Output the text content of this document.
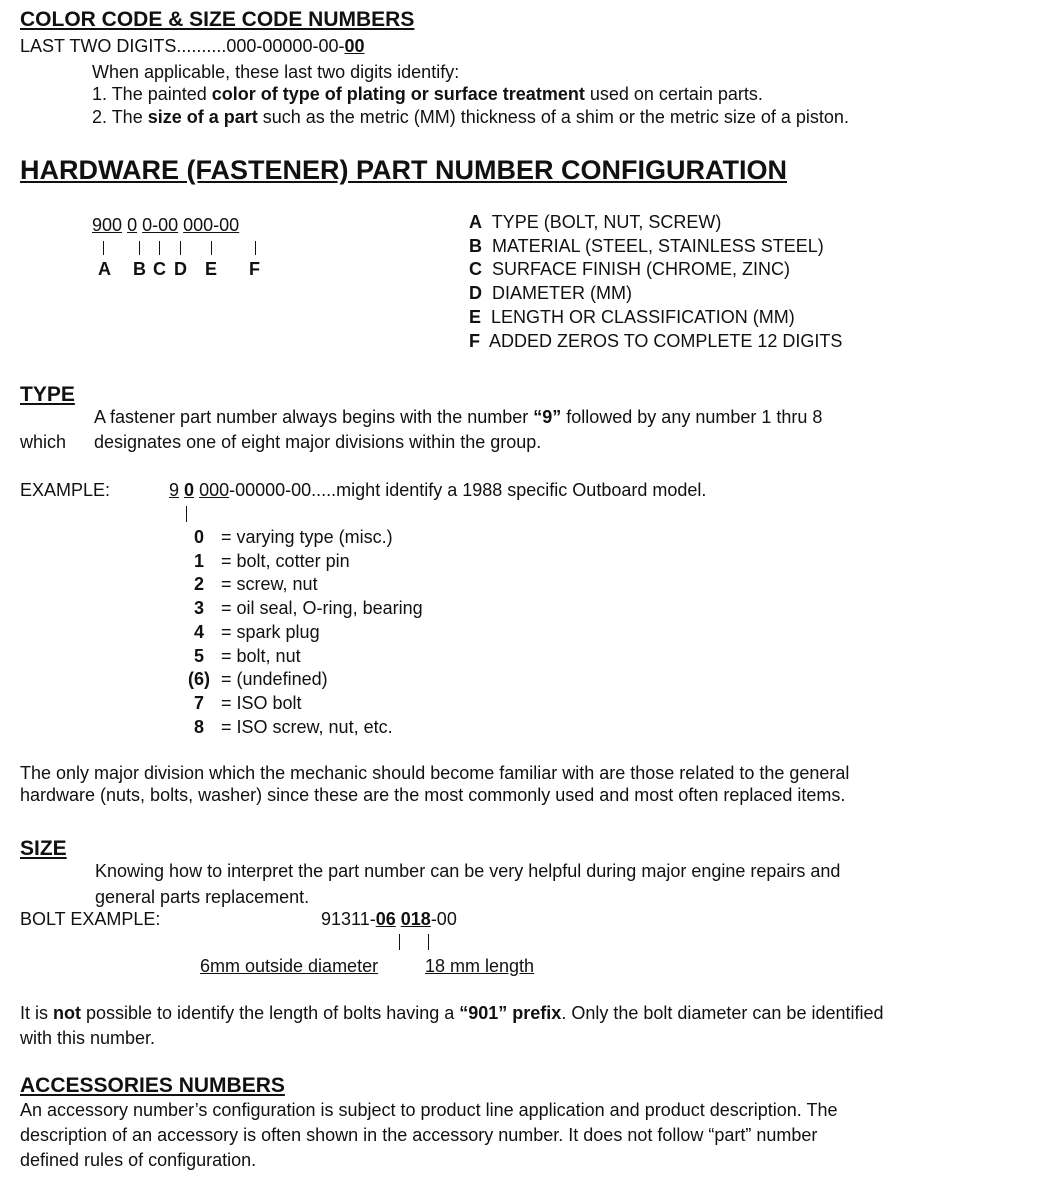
COLOR CODE & SIZE CODE NUMBERS
LAST TWO DIGITS..........000-00000-00-00
When applicable, these last two digits identify:
1. The painted color of type of plating or surface treatment used on certain parts.
2. The size of a part such as the metric (MM) thickness of a shim or the metric size of a piston.
HARDWARE (FASTENER) PART NUMBER CONFIGURATION
900 0 0-00 000-00
A B C D E F
A TYPE (BOLT, NUT, SCREW)
B MATERIAL (STEEL, STAINLESS STEEL)
C SURFACE FINISH (CHROME, ZINC)
D DIAMETER (MM)
E LENGTH OR CLASSIFICATION (MM)
F ADDED ZEROS TO COMPLETE 12 DIGITS
TYPE
A fastener part number always begins with the number “9” followed by any number 1 thru 8
which designates one of eight major divisions within the group.
EXAMPLE:	9 0 000-00000-00.....might identify a 1988 specific Outboard model.
0 = varying type (misc.)
1 = bolt, cotter pin
2 = screw, nut
3 = oil seal, O-ring, bearing
4 = spark plug
5 = bolt, nut
(6) = (undefined)
7 = ISO bolt
8 = ISO screw, nut, etc.
The only major division which the mechanic should become familiar with are those related to the general
hardware (nuts, bolts, washer) since these are the most commonly used and most often replaced items.
SIZE
Knowing how to interpret the part number can be very helpful during major engine repairs and
general parts replacement.
BOLT EXAMPLE:	91311-06 018-00
6mm outside diameter	18 mm length
It is not possible to identify the length of bolts having a “901” prefix. Only the bolt diameter can be identified
with this number.
ACCESSORIES NUMBERS
An accessory number’s configuration is subject to product line application and product description. The
description of an accessory is often shown in the accessory number. It does not follow “part” number
defined rules of configuration.
